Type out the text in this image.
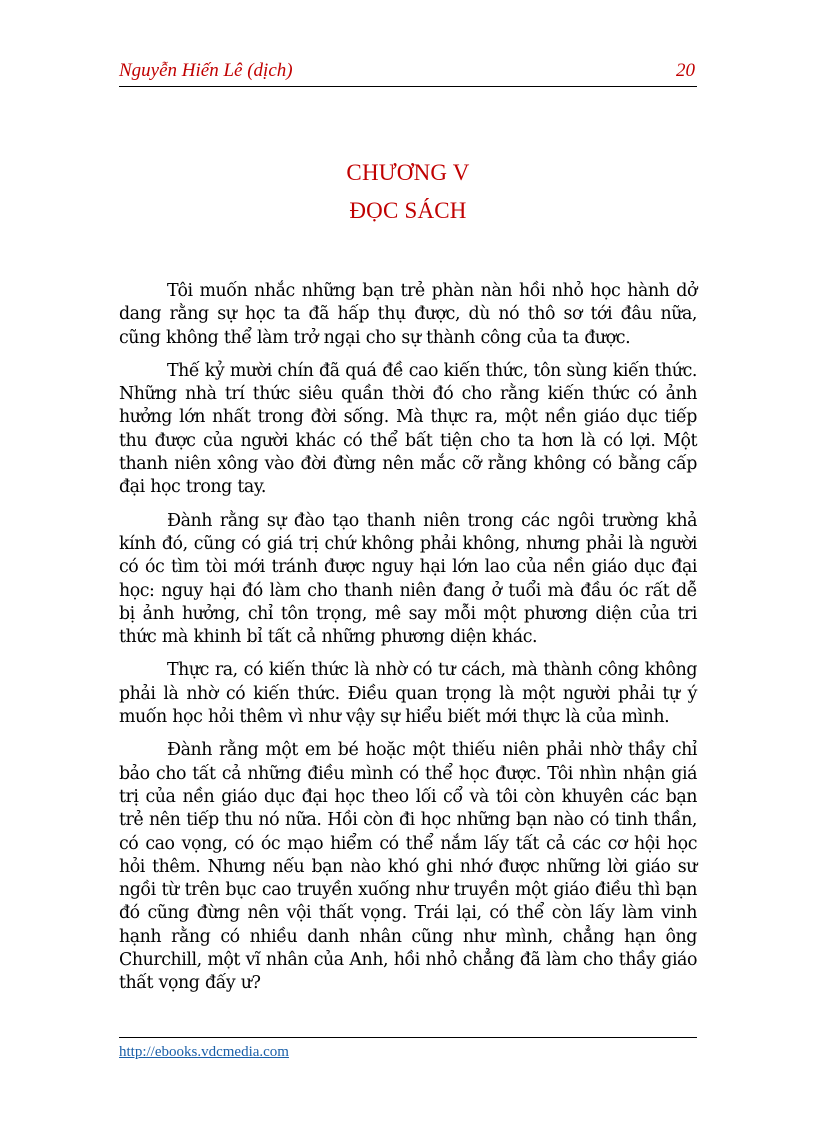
Nguyễn Hiến Lê (dịch)	20
CHƯƠNG V
ĐỌC SÁCH

Tôi muốn nhắc những bạn trẻ phàn nàn hồi nhỏ học hành dở dang rằng sự học ta đã hấp thụ được, dù nó thô sơ tới đâu nữa, cũng không thể làm trở ngại cho sự thành công của ta được.

Thế kỷ mười chín đã quá đề cao kiến thức, tôn sùng kiến thức. Những nhà trí thức siêu quần thời đó cho rằng kiến thức có ảnh hưởng lớn nhất trong đời sống. Mà thực ra, một nền giáo dục tiếp thu được của người khác có thể bất tiện cho ta hơn là có lợi. Một thanh niên xông vào đời đừng nên mắc cỡ rằng không có bằng cấp đại học trong tay.

Đành rằng sự đào tạo thanh niên trong các ngôi trường khả kính đó, cũng có giá trị chứ không phải không, nhưng phải là người có óc tìm tòi mới tránh được nguy hại lớn lao của nền giáo dục đại học: nguy hại đó làm cho thanh niên đang ở tuổi mà đầu óc rất dễ bị ảnh hưởng, chỉ tôn trọng, mê say mỗi một phương diện của tri thức mà khinh bỉ tất cả những phương diện khác.

Thực ra, có kiến thức là nhờ có tư cách, mà thành công không phải là nhờ có kiến thức. Điều quan trọng là một người phải tự ý muốn học hỏi thêm vì như vậy sự hiểu biết mới thực là của mình.

Đành rằng một em bé hoặc một thiếu niên phải nhờ thầy chỉ bảo cho tất cả những điều mình có thể học được. Tôi nhìn nhận giá trị của nền giáo dục đại học theo lối cổ và tôi còn khuyên các bạn trẻ nên tiếp thu nó nữa. Hồi còn đi học những bạn nào có tinh thần, có cao vọng, có óc mạo hiểm có thể nắm lấy tất cả các cơ hội học hỏi thêm. Nhưng nếu bạn nào khó ghi nhớ được những lời giáo sư ngồi từ trên bục cao truyền xuống như truyền một giáo điều thì bạn đó cũng đừng nên vội thất vọng. Trái lại, có thể còn lấy làm vinh hạnh rằng có nhiều danh nhân cũng như mình, chẳng hạn ông Churchill, một vĩ nhân của Anh, hồi nhỏ chẳng đã làm cho thầy giáo thất vọng đấy ư?

http://ebooks.vdcmedia.com
